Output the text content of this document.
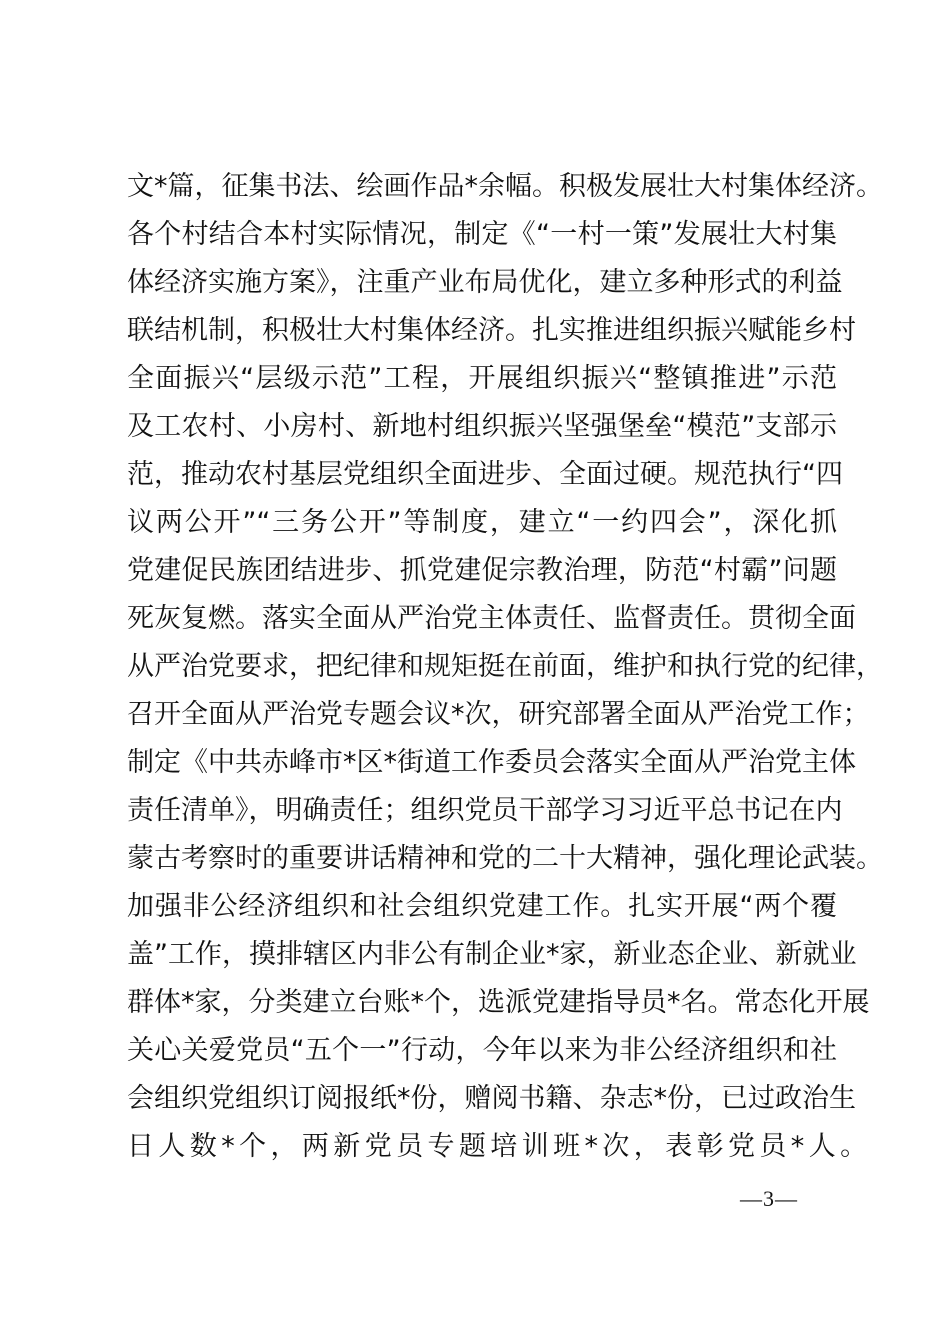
文*篇，征集书法、绘画作品*余幅。积极发展壮大村集体经济。
各个村结合本村实际情况，制定《“一村一策”发展壮大村集
体经济实施方案》，注重产业布局优化，建立多种形式的利益
联结机制，积极壮大村集体经济。扎实推进组织振兴赋能乡村
全面振兴“层级示范”工程，开展组织振兴“整镇推进”示范
及工农村、小房村、新地村组织振兴坚强堡垒“模范”支部示
范，推动农村基层党组织全面进步、全面过硬。规范执行“四
议两公开”“三务公开”等制度，建立“一约四会”，深化抓
党建促民族团结进步、抓党建促宗教治理，防范“村霸”问题
死灰复燃。落实全面从严治党主体责任、监督责任。贯彻全面
从严治党要求，把纪律和规矩挺在前面，维护和执行党的纪律，
召开全面从严治党专题会议*次，研究部署全面从严治党工作；
制定《中共赤峰市*区*街道工作委员会落实全面从严治党主体
责任清单》，明确责任；组织党员干部学习习近平总书记在内
蒙古考察时的重要讲话精神和党的二十大精神，强化理论武装。
加强非公经济组织和社会组织党建工作。扎实开展“两个覆
盖”工作，摸排辖区内非公有制企业*家，新业态企业、新就业
群体*家，分类建立台账*个，选派党建指导员*名。常态化开展
关心关爱党员“五个一”行动，今年以来为非公经济组织和社
会组织党组织订阅报纸*份，赠阅书籍、杂志*份，已过政治生
日人数*个，两新党员专题培训班*次，表彰党员*人。
—3—
